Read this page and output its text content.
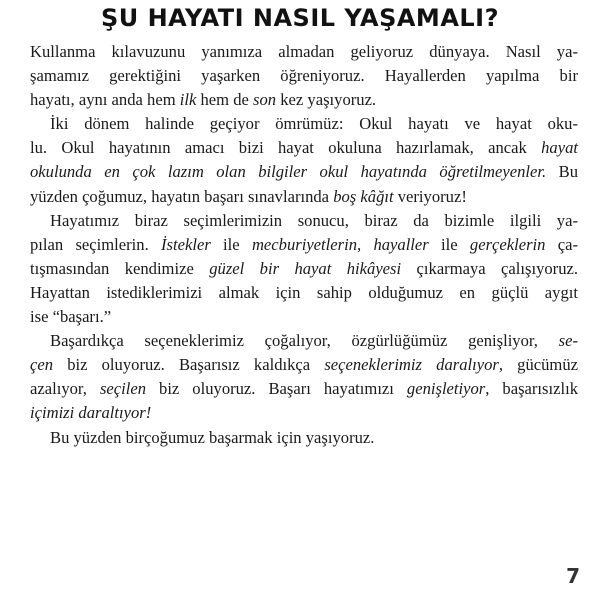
ŞU HAYATI NASIL YAŞAMALI?
Kullanma kılavuzunu yanımıza almadan geliyoruz dünyaya. Nasıl ya-
şamamız gerektiğini yaşarken öğreniyoruz. Hayallerden yapılma bir
hayatı, aynı anda hem ilk hem de son kez yaşıyoruz.
İki dönem halinde geçiyor ömrümüz: Okul hayatı ve hayat oku-
lu. Okul hayatının amacı bizi hayat okuluna hazırlamak, ancak hayat
okulunda en çok lazım olan bilgiler okul hayatında öğretilmeyenler. Bu
yüzden çoğumuz, hayatın başarı sınavlarında boş kâğıt veriyoruz!
Hayatımız biraz seçimlerimizin sonucu, biraz da bizimle ilgili ya-
pılan seçimlerin. İstekler ile mecburiyetlerin, hayaller ile gerçeklerin ça-
tışmasından kendimize güzel bir hayat hikâyesi çıkarmaya çalışıyoruz.
Hayattan istediklerimizi almak için sahip olduğumuz en güçlü aygıt
ise “başarı.”
Başardıkça seçeneklerimiz çoğalıyor, özgürlüğümüz genişliyor, se-
çen biz oluyoruz. Başarısız kaldıkça seçeneklerimiz daralıyor, gücümüz
azalıyor, seçilen biz oluyoruz. Başarı hayatımızı genişletiyor, başarısızlık
içimizi daraltıyor!
Bu yüzden birçoğumuz başarmak için yaşıyoruz.
7
